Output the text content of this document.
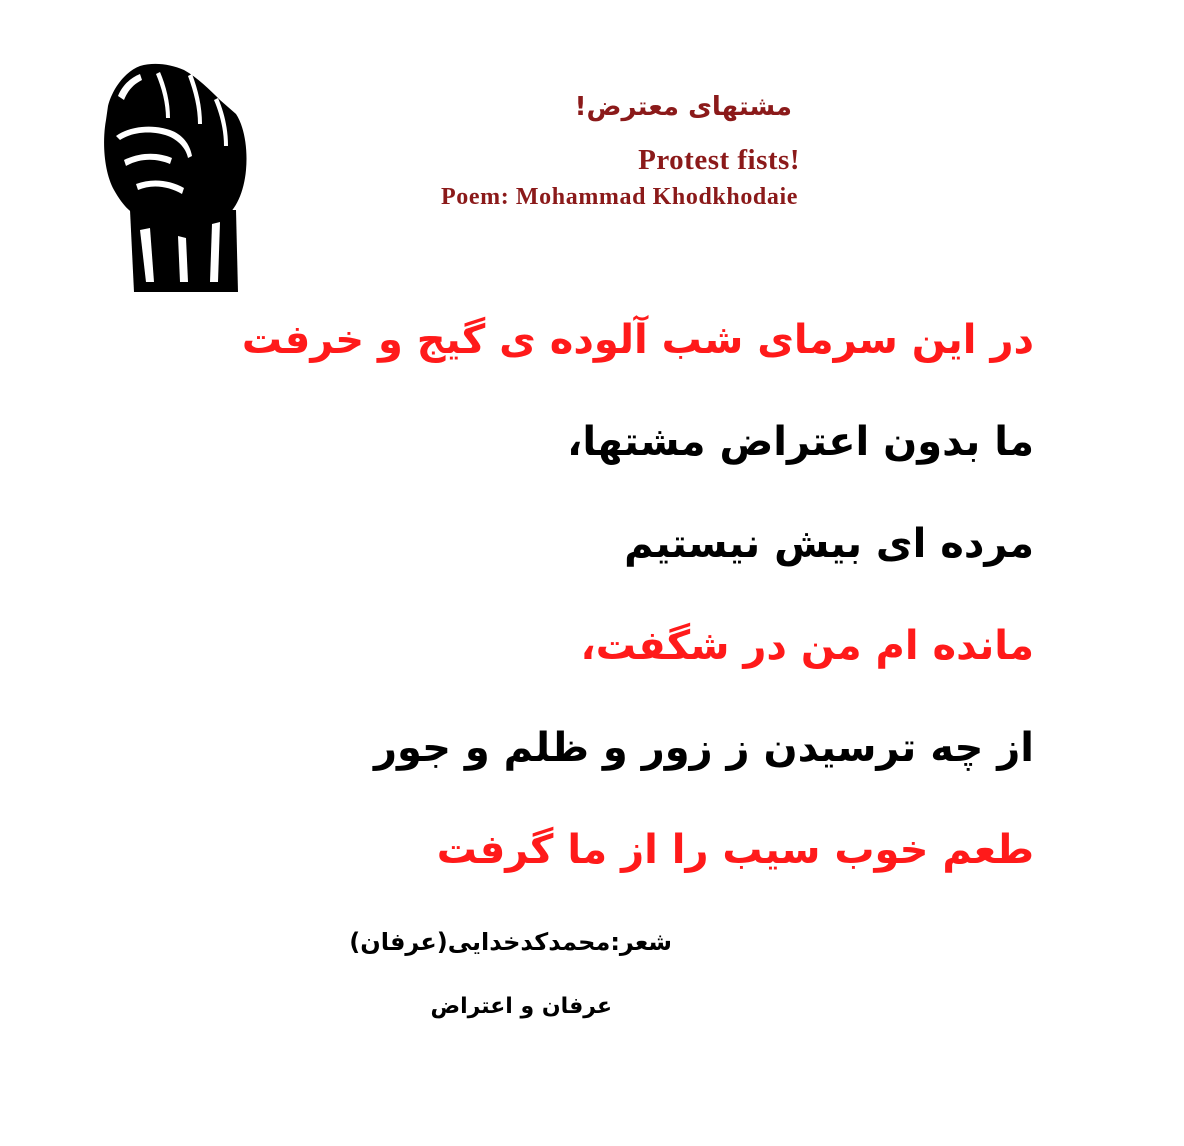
مشتهای معترض!
Protest fists!
Poem: Mohammad Khodkhodaie
در این سرمای شب آلوده ی گیج و خرفت
ما بدون اعتراض مشتها،
مرده ای بیش نیستیم
مانده ام من در شگفت،
از چه ترسیدن ز زور و ظلم و جور
طعم خوب سیب را از ما گرفت
شعر:محمدکدخدایی(عرفان)
عرفان و اعتراض
